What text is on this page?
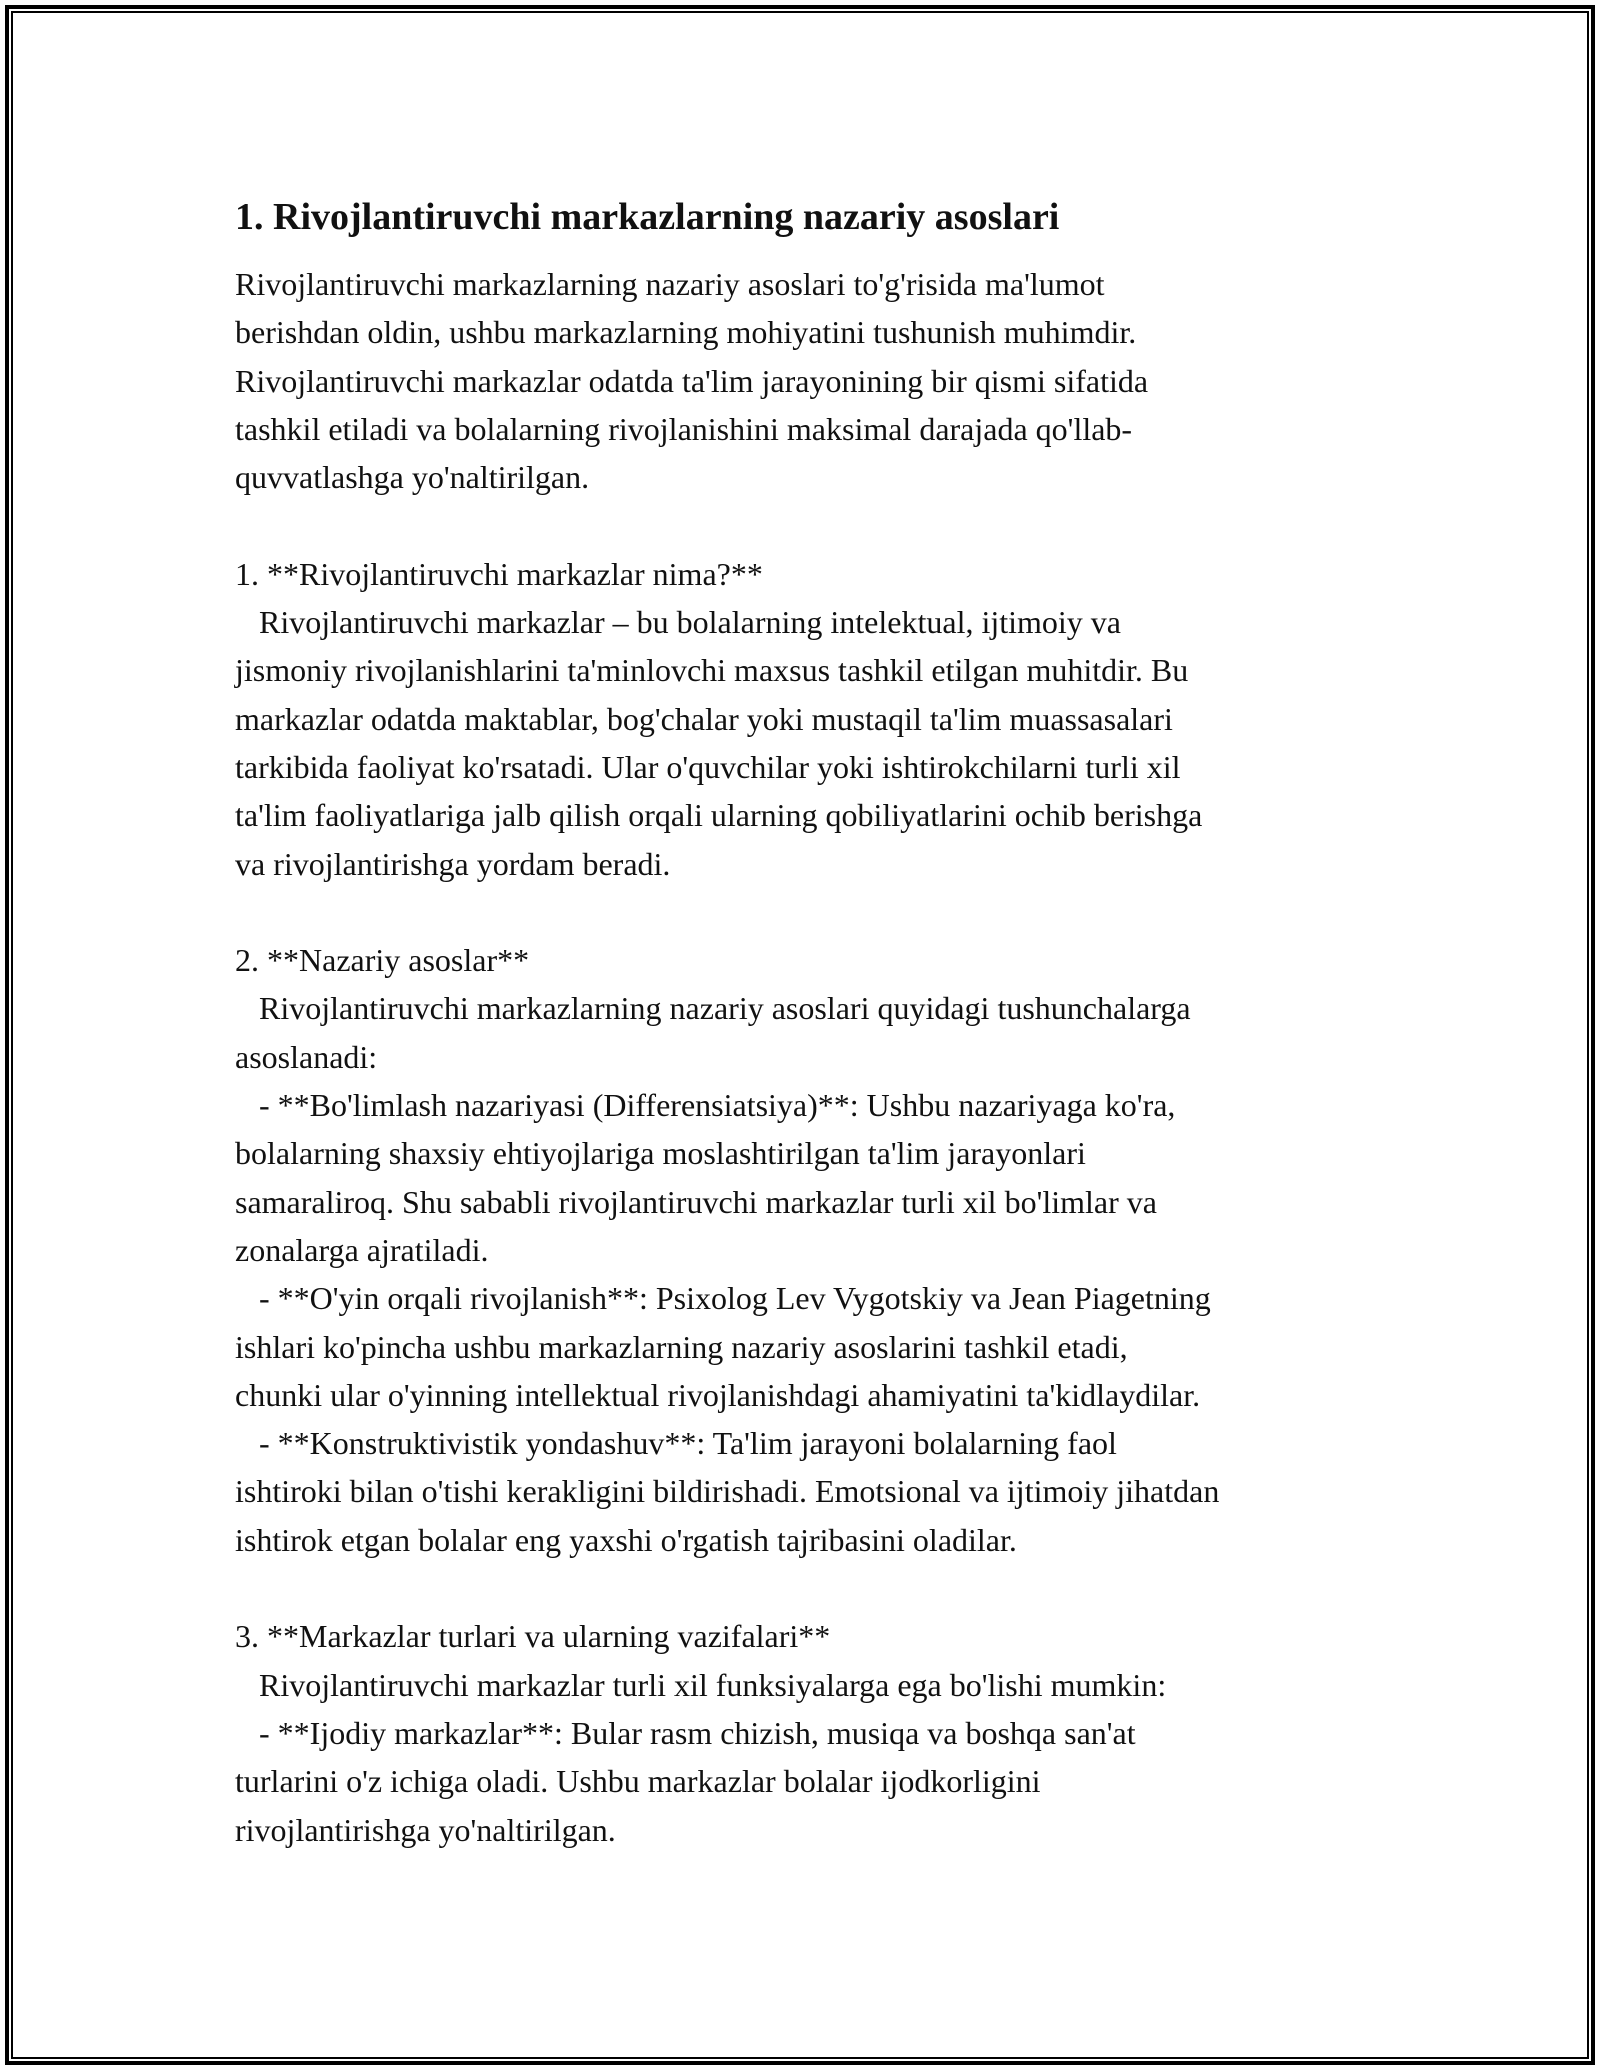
1. Rivojlantiruvchi markazlarning nazariy asoslari
Rivojlantiruvchi markazlarning nazariy asoslari to'g'risida ma'lumot
berishdan oldin, ushbu markazlarning mohiyatini tushunish muhimdir.
Rivojlantiruvchi markazlar odatda ta'lim jarayonining bir qismi sifatida
tashkil etiladi va bolalarning rivojlanishini maksimal darajada qo'llab-
quvvatlashga yo'naltirilgan.
1. **Rivojlantiruvchi markazlar nima?**
Rivojlantiruvchi markazlar – bu bolalarning intelektual, ijtimoiy va
jismoniy rivojlanishlarini ta'minlovchi maxsus tashkil etilgan muhitdir. Bu
markazlar odatda maktablar, bog'chalar yoki mustaqil ta'lim muassasalari
tarkibida faoliyat ko'rsatadi. Ular o'quvchilar yoki ishtirokchilarni turli xil
ta'lim faoliyatlariga jalb qilish orqali ularning qobiliyatlarini ochib berishga
va rivojlantirishga yordam beradi.
2. **Nazariy asoslar**
Rivojlantiruvchi markazlarning nazariy asoslari quyidagi tushunchalarga
asoslanadi:
- **Bo'limlash nazariyasi (Differensiatsiya)**: Ushbu nazariyaga ko'ra,
bolalarning shaxsiy ehtiyojlariga moslashtirilgan ta'lim jarayonlari
samaraliroq. Shu sababli rivojlantiruvchi markazlar turli xil bo'limlar va
zonalarga ajratiladi.
- **O'yin orqali rivojlanish**: Psixolog Lev Vygotskiy va Jean Piagetning
ishlari ko'pincha ushbu markazlarning nazariy asoslarini tashkil etadi,
chunki ular o'yinning intellektual rivojlanishdagi ahamiyatini ta'kidlaydilar.
- **Konstruktivistik yondashuv**: Ta'lim jarayoni bolalarning faol
ishtiroki bilan o'tishi kerakligini bildirishadi. Emotsional va ijtimoiy jihatdan
ishtirok etgan bolalar eng yaxshi o'rgatish tajribasini oladilar.
3. **Markazlar turlari va ularning vazifalari**
Rivojlantiruvchi markazlar turli xil funksiyalarga ega bo'lishi mumkin:
- **Ijodiy markazlar**: Bular rasm chizish, musiqa va boshqa san'at
turlarini o'z ichiga oladi. Ushbu markazlar bolalar ijodkorligini
rivojlantirishga yo'naltirilgan.
